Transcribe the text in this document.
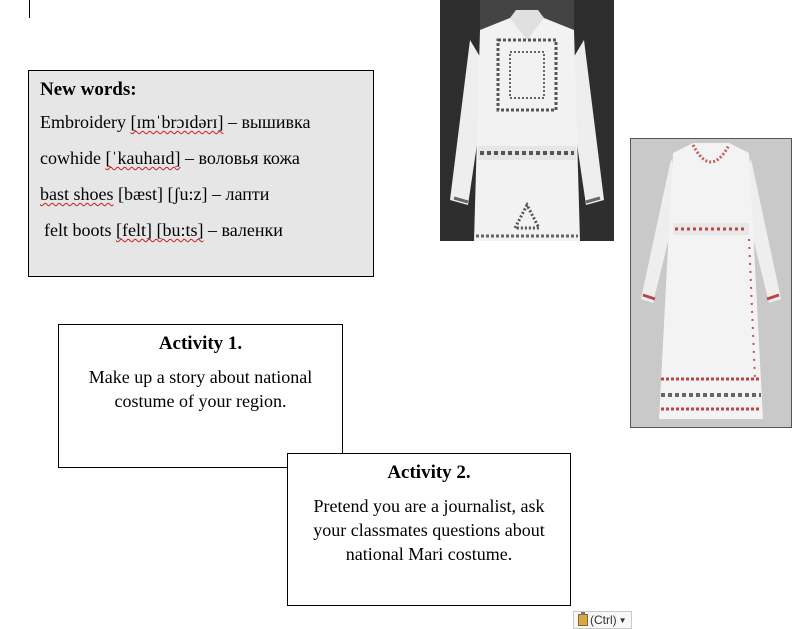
New words:
Embroidery [ɪmˈbrɔɪdərɪ] – вышивка
cowhide [ˈkauhaɪd] – воловья кожа
bast shoes [bæst] [ʃu:z] – лапти
felt boots [felt] [bu:ts] – валенки
Activity 1.
Make up a story about national costume of your region.
Activity 2.
Pretend you are a journalist, ask your classmates questions about national Mari costume.
(Ctrl) ▼
